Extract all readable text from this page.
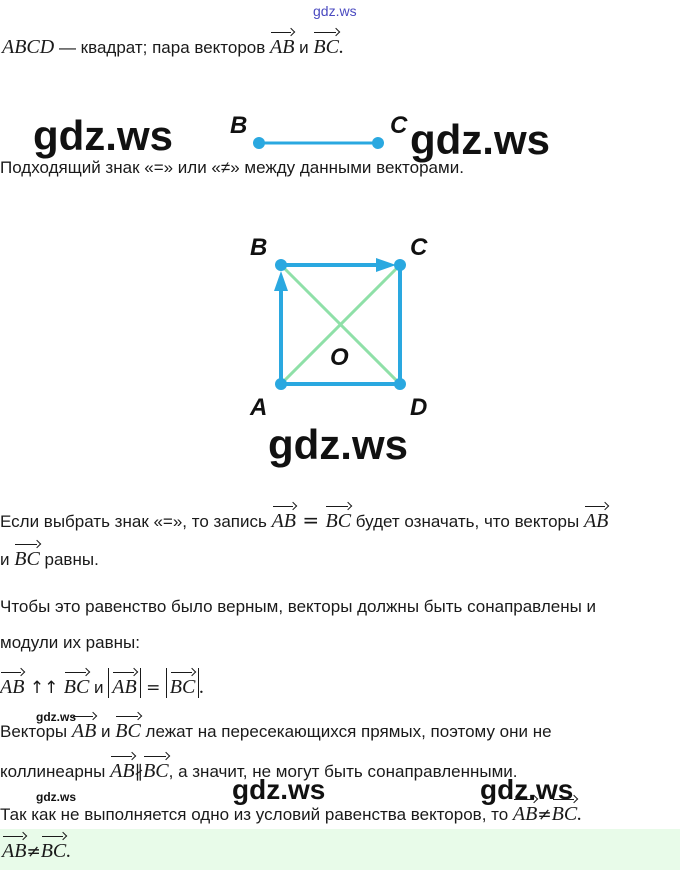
gdz.ws
gdz.ws	gdz.ws
gdz.ws
ABCD — квадрат; пара векторов AB и BC.
B	C
Подходящий знак «=» или «≠» между данными векторами.
B	C
A	D
O
Если выбрать знак «=», то запись AB = BC будет означать, что векторы AB
и BC равны.
Чтобы это равенство было верным, векторы должны быть сонаправлены и
модули их равны:
AB ↑↑ BC и AB = BC .
gdz.ws
Векторы AB и BC лежат на пересекающихся прямых, поэтому они не
коллинеарны AB∦BC, а значит, не могут быть сонаправленными.
gdz.ws	gdz.ws	gdz.ws
Так как не выполняется одно из условий равенства векторов, то AB≠BC.
AB≠BC.
